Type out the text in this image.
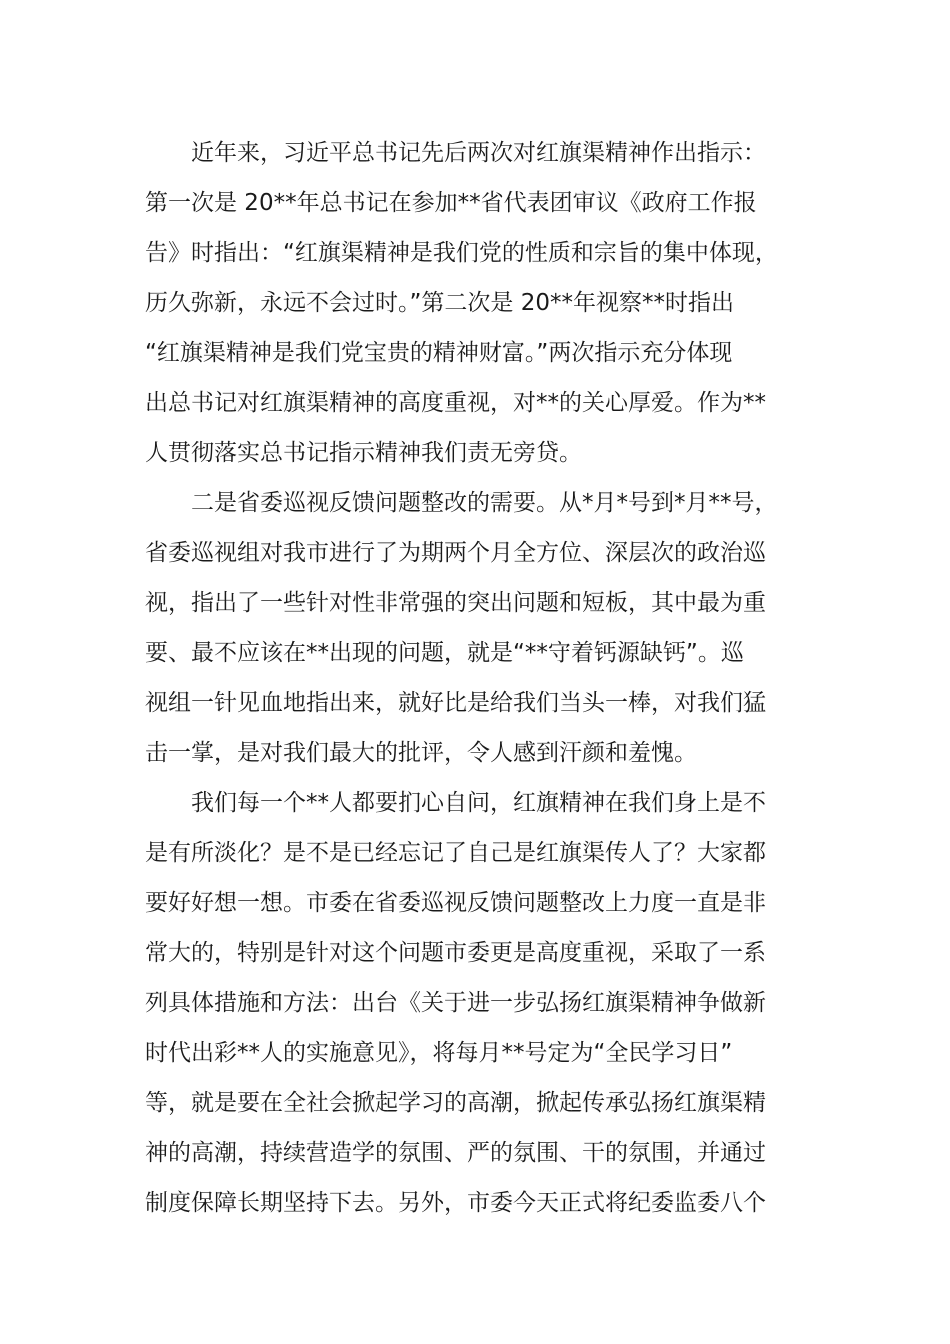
近年来，习近平总书记先后两次对红旗渠精神作出指示：
第一次是 20**年总书记在参加**省代表团审议《政府工作报
告》时指出：“红旗渠精神是我们党的性质和宗旨的集中体现，
历久弥新，永远不会过时。”第二次是 20**年视察**时指出
“红旗渠精神是我们党宝贵的精神财富。”两次指示充分体现
出总书记对红旗渠精神的高度重视，对**的关心厚爱。作为**
人贯彻落实总书记指示精神我们责无旁贷。
二是省委巡视反馈问题整改的需要。从*月*号到*月**号，
省委巡视组对我市进行了为期两个月全方位、深层次的政治巡
视，指出了一些针对性非常强的突出问题和短板，其中最为重
要、最不应该在**出现的问题，就是“**守着钙源缺钙”。巡
视组一针见血地指出来，就好比是给我们当头一棒，对我们猛
击一掌，是对我们最大的批评，令人感到汗颜和羞愧。
我们每一个**人都要扪心自问，红旗精神在我们身上是不
是有所淡化？是不是已经忘记了自己是红旗渠传人了？大家都
要好好想一想。市委在省委巡视反馈问题整改上力度一直是非
常大的，特别是针对这个问题市委更是高度重视，采取了一系
列具体措施和方法：出台《关于进一步弘扬红旗渠精神争做新
时代出彩**人的实施意见》，将每月**号定为“全民学习日”
等，就是要在全社会掀起学习的高潮，掀起传承弘扬红旗渠精
神的高潮，持续营造学的氛围、严的氛围、干的氛围，并通过
制度保障长期坚持下去。另外，市委今天正式将纪委监委八个
